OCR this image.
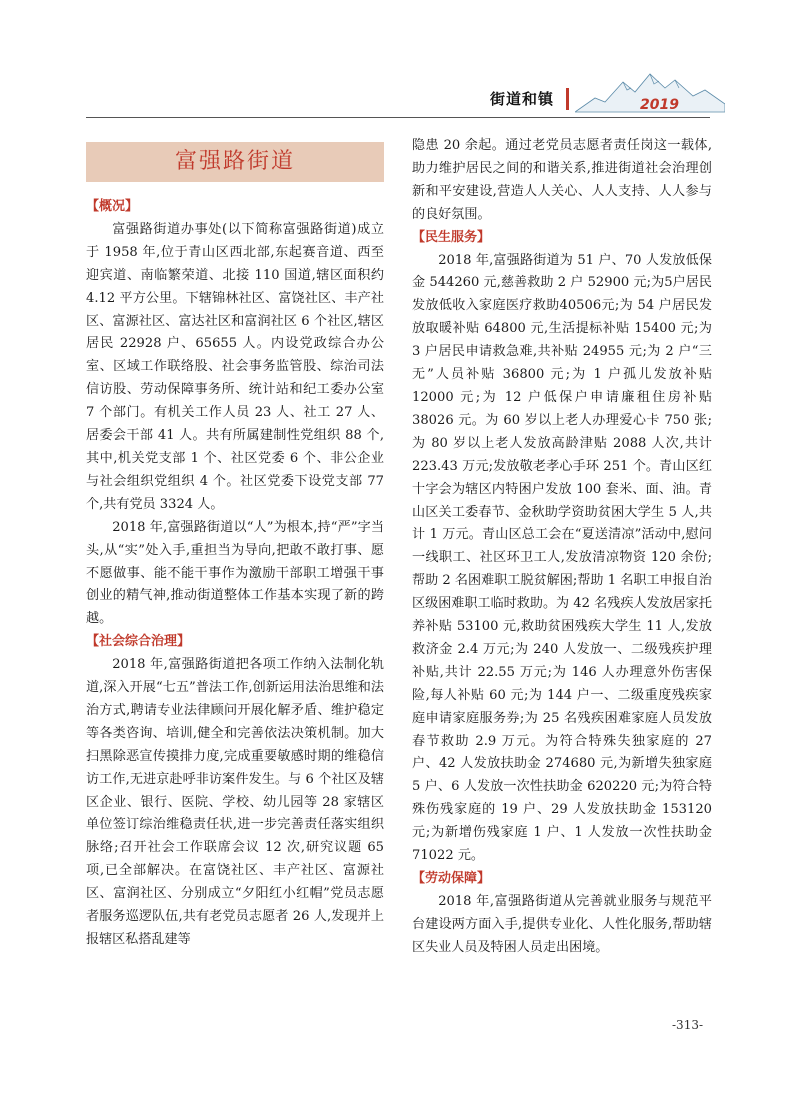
街道和镇	2019
富强路街道
【概况】

富强路街道办事处(以下简称富强路街道)成立于 1958 年,位于青山区西北部,东起赛音道、西至迎宾道、南临繁荣道、北接 110 国道,辖区面积约 4.12 平方公里。下辖锦林社区、富饶社区、丰产社区、富源社区、富达社区和富润社区 6 个社区,辖区居民 22928 户、65655 人。内设党政综合办公室、区域工作联络股、社会事务监管股、综治司法信访股、劳动保障事务所、统计站和纪工委办公室 7 个部门。有机关工作人员 23 人、社工 27 人、居委会干部 41 人。共有所属建制性党组织 88 个,其中,机关党支部 1 个、社区党委 6 个、非公企业与社会组织党组织 4 个。社区党委下设党支部 77 个,共有党员 3324 人。

2018 年,富强路街道以“人”为根本,持“严”字当头,从“实”处入手,重担当为导向,把敢不敢打事、愿不愿做事、能不能干事作为激励干部职工增强干事创业的精气神,推动街道整体工作基本实现了新的跨越。

【社会综合治理】

2018 年,富强路街道把各项工作纳入法制化轨道,深入开展“七五”普法工作,创新运用法治思维和法治方式,聘请专业法律顾问开展化解矛盾、维护稳定等各类咨询、培训,健全和完善依法决策机制。加大扫黑除恶宣传摸排力度,完成重要敏感时期的维稳信访工作,无进京赴呼非访案件发生。与 6 个社区及辖区企业、银行、医院、学校、幼儿园等 28 家辖区单位签订综治维稳责任状,进一步完善责任落实组织脉络;召开社会工作联席会议 12 次,研究议题 65 项,已全部解决。在富饶社区、丰产社区、富源社区、富润社区、分别成立“夕阳红小红帽”党员志愿者服务巡逻队伍,共有老党员志愿者 26 人,发现并上报辖区私搭乱建等

隐患 20 余起。通过老党员志愿者责任岗这一载体,助力维护居民之间的和谐关系,推进街道社会治理创新和平安建设,营造人人关心、人人支持、人人参与的良好氛围。

【民生服务】

2018 年,富强路街道为 51 户、70 人发放低保金 544260 元,慈善救助 2 户 52900 元;为5户居民发放低收入家庭医疗救助40506元;为 54 户居民发放取暖补贴 64800 元,生活提标补贴 15400 元;为 3 户居民申请救急难,共补贴 24955 元;为 2 户“三无”人员补贴 36800 元;为 1 户孤儿发放补贴 12000 元;为 12 户低保户申请廉租住房补贴 38026 元。为 60 岁以上老人办理爱心卡 750 张;为 80 岁以上老人发放高龄津贴 2088 人次,共计 223.43 万元;发放敬老孝心手环 251 个。青山区红十字会为辖区内特困户发放 100 套米、面、油。青山区关工委春节、金秋助学资助贫困大学生 5 人,共计 1 万元。青山区总工会在“夏送清凉”活动中,慰问一线职工、社区环卫工人,发放清凉物资 120 余份;帮助 2 名困难职工脱贫解困;帮助 1 名职工申报自治区级困难职工临时救助。为 42 名残疾人发放居家托养补贴 53100 元,救助贫困残疾大学生 11 人,发放救济金 2.4 万元;为 240 人发放一、二级残疾护理补贴,共计 22.55 万元;为 146 人办理意外伤害保险,每人补贴 60 元;为 144 户一、二级重度残疾家庭申请家庭服务券;为 25 名残疾困难家庭人员发放春节救助 2.9 万元。为符合特殊失独家庭的 27 户、42 人发放扶助金 274680 元,为新增失独家庭 5 户、6 人发放一次性扶助金 620220 元;为符合特殊伤残家庭的 19 户、29 人发放扶助金 153120 元;为新增伤残家庭 1 户、1 人发放一次性扶助金 71022 元。

【劳动保障】

2018 年,富强路街道从完善就业服务与规范平台建设两方面入手,提供专业化、人性化服务,帮助辖区失业人员及特困人员走出困境。

-313-
